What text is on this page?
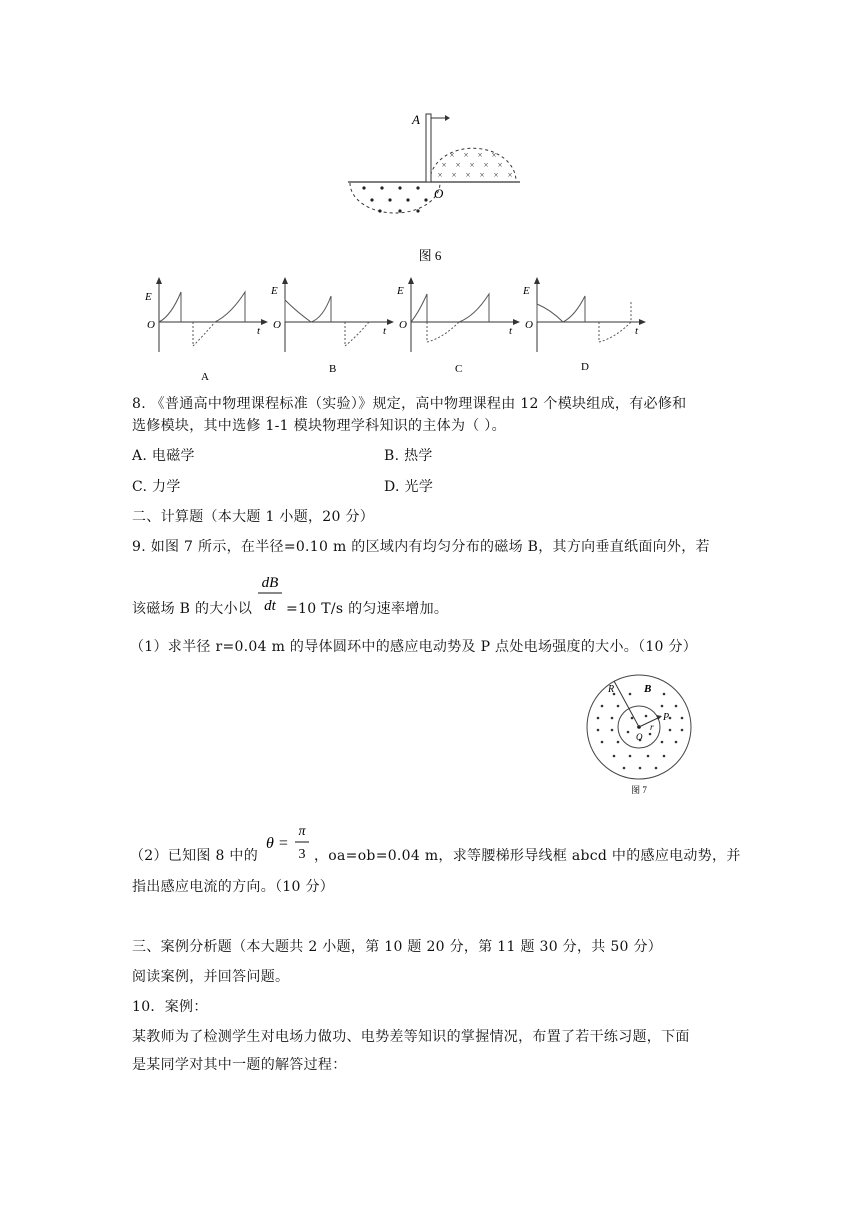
× × × ×
× × × × ×
× × × × × ×
A
O
图 6
E
O	t
A
E
O	t
B
E
O	t
C
E
O	t
D
8. 《普通高中物理课程标准（实验）》规定，高中物理课程由 12 个模块组成，有必修和
选修模块，其中选修 1-1 模块物理学科知识的主体为（ ）。
A. 电磁学	B. 热学
C. 力学	D. 光学
二、计算题（本大题 1 小题，20 分）
9. 如图 7 所示，在半径=0.10 m 的区域内有均匀分布的磁场 B，其方向垂直纸面向外，若
该磁场 B 的大小以
dB
dt =10 T/s 的匀速率增加。
（1）求半径 r=0.04 m 的导体圆环中的感应电动势及 P 点处电场强度的大小。（10 分）
R	B
P
r
O
图 7
（2）已知图 8 中的
θ =
π
3 ，oa=ob=0.04 m，求等腰梯形导线框 abcd 中的感应电动势，并
指出感应电流的方向。（10 分）
三、案例分析题（本大题共 2 小题，第 10 题 20 分，第 11 题 30 分，共 50 分）
阅读案例，并回答问题。
10．案例：
某教师为了检测学生对电场力做功、电势差等知识的掌握情况，布置了若干练习题，下面
是某同学对其中一题的解答过程：
